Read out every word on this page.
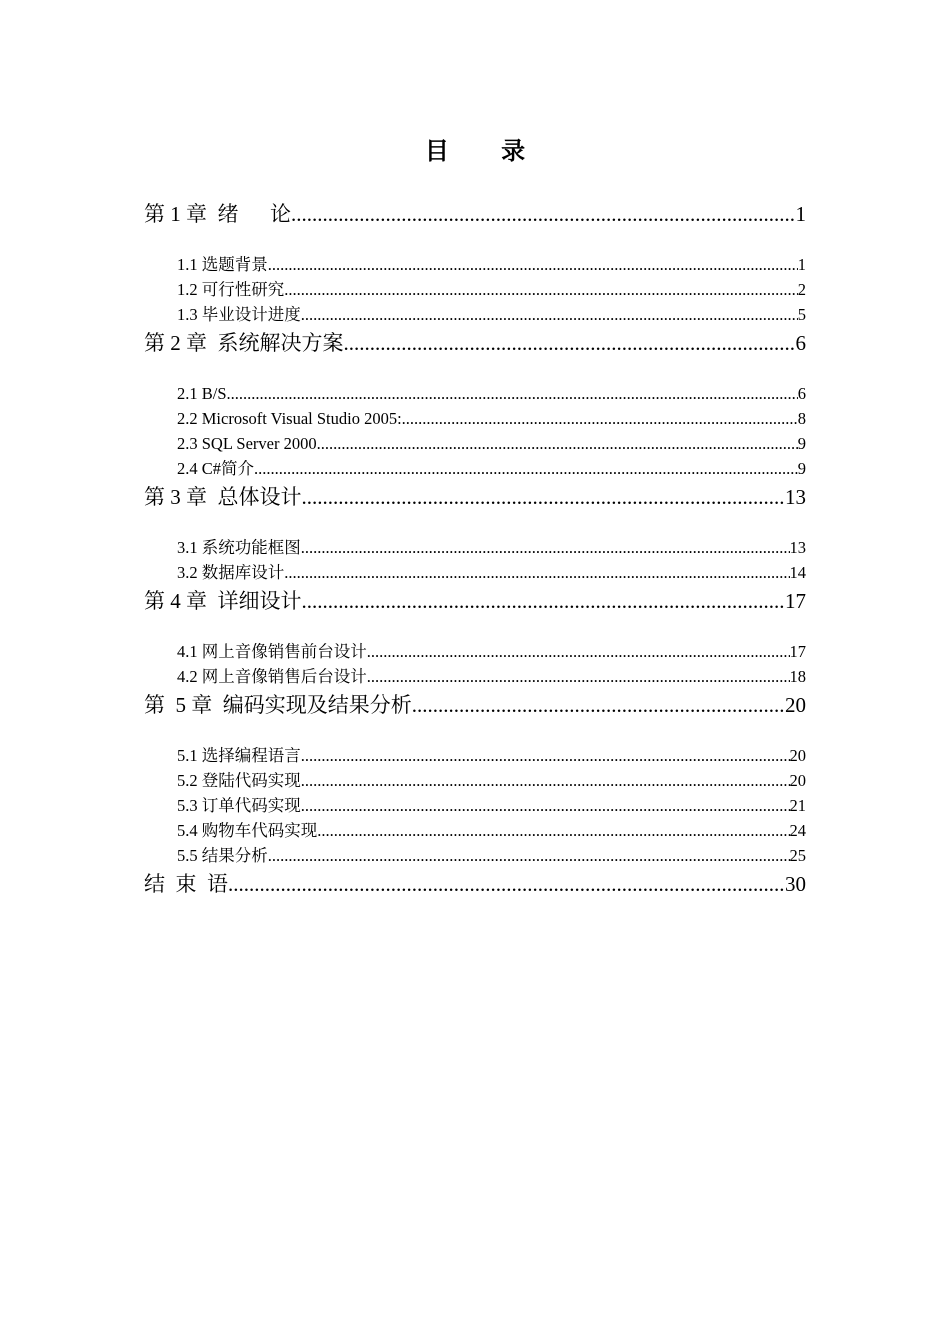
目 录
第 1 章  绪      论 .....	1
1.1 选题背景 .....	1
1.2 可行性研究 .....	2
1.3 毕业设计进度 .....	5
第 2 章  系统解决方案 .....	6
2.1 B/S .....	6
2.2 Microsoft Visual Studio 2005: .....	8
2.3 SQL Server 2000 .....	9
2.4 C#简介 .....	9
第 3 章  总体设计 .....	13
3.1 系统功能框图 .....	13
3.2 数据库设计 .....	14
第 4 章  详细设计 .....	17
4.1 网上音像销售前台设计 .....	17
4.2 网上音像销售后台设计 .....	18
第  5 章  编码实现及结果分析 .....	20
5.1 选择编程语言 .....	20
5.2 登陆代码实现 .....	20
5.3 订单代码实现 .....	21
5.4 购物车代码实现 .....	24
5.5 结果分析 .....	25
结  束  语 .....	30
